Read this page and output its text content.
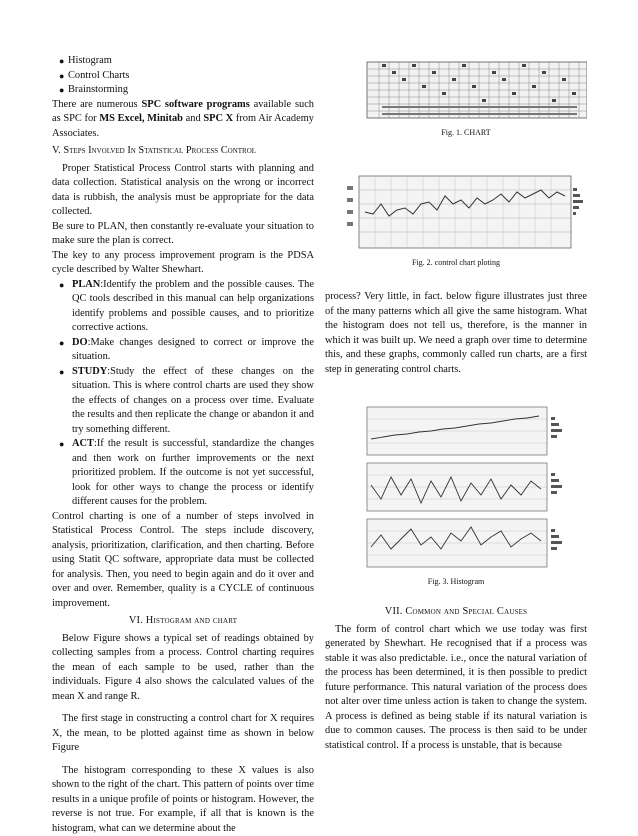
● Histogram
● Control Charts
● Brainstorming

There are numerous SPC software programs available such as SPC for MS Excel, Minitab and SPC X from Air Academy Associates.

V. Steps Involved In Statistical Process Control

Proper Statistical Process Control starts with planning and data collection. Statistical analysis on the wrong or incorrect data is rubbish, the analysis must be appropriate for the data collected.

Be sure to PLAN, then constantly re-evaluate your situation to make sure the plan is correct.

The key to any process improvement program is the PDSA cycle described by Walter Shewhart.

● PLAN:Identify the problem and the possible causes. The QC tools described in this manual can help organizations identify problems and possible causes, and to prioritize corrective actions.
● DO:Make changes designed to correct or improve the situation.
● STUDY:Study the effect of these changes on the situation. This is where control charts are used they show the effects of changes on a process over time. Evaluate the results and then replicate the change or abandon it and try something different.
● ACT:If the result is successful, standardize the changes and then work on further improvements or the next prioritized problem. If the outcome is not yet successful, look for other ways to change the process or identify different causes for the problem.

Control charting is one of a number of steps involved in Statistical Process Control. The steps include discovery, analysis, prioritization, clarification, and then charting. Before using Statit QC software, appropriate data must be collected for analysis. Then, you need to begin again and do it over and over and over. Remember, quality is a CYCLE of continuous improvement.

VI. Histogram and chart

Below Figure shows a typical set of readings obtained by collecting samples from a process. Control charting requires the mean of each sample to be used, rather than the individuals. Figure 4 also shows the calculated values of the mean X and range R.

The first stage in constructing a control chart for X requires X, the mean, to be plotted against time as shown in below Figure

The histogram corresponding to these X values is also shown to the right of the chart. This pattern of points over time results in a unique profile of points or histogram. However, the reverse is not true. For example, if all that is known is the histogram, what can we determine about the

Fig. 1. CHART
Fig. 2. control chart ploting

process? Very little, in fact. below figure illustrates just three of the many patterns which all give the same histogram. What the histogram does not tell us, therefore, is the manner in which it was built up. We need a graph over time to determine this, and these graphs, commonly called run charts, are a first step in generating control charts.

Fig. 3. Histogram
VII. Common and Special Causes

The form of control chart which we use today was first generated by Shewhart. He recognised that if a process was stable it was also predictable. i.e., once the natural variation of the process has been determined, it is then possible to predict future performance. This natural variation of the process does not alter over time unless action is taken to change the system. A process is defined as being stable if its natural variation is due to common causes. The process is then said to be under statistical control. If a process is unstable, that is because
